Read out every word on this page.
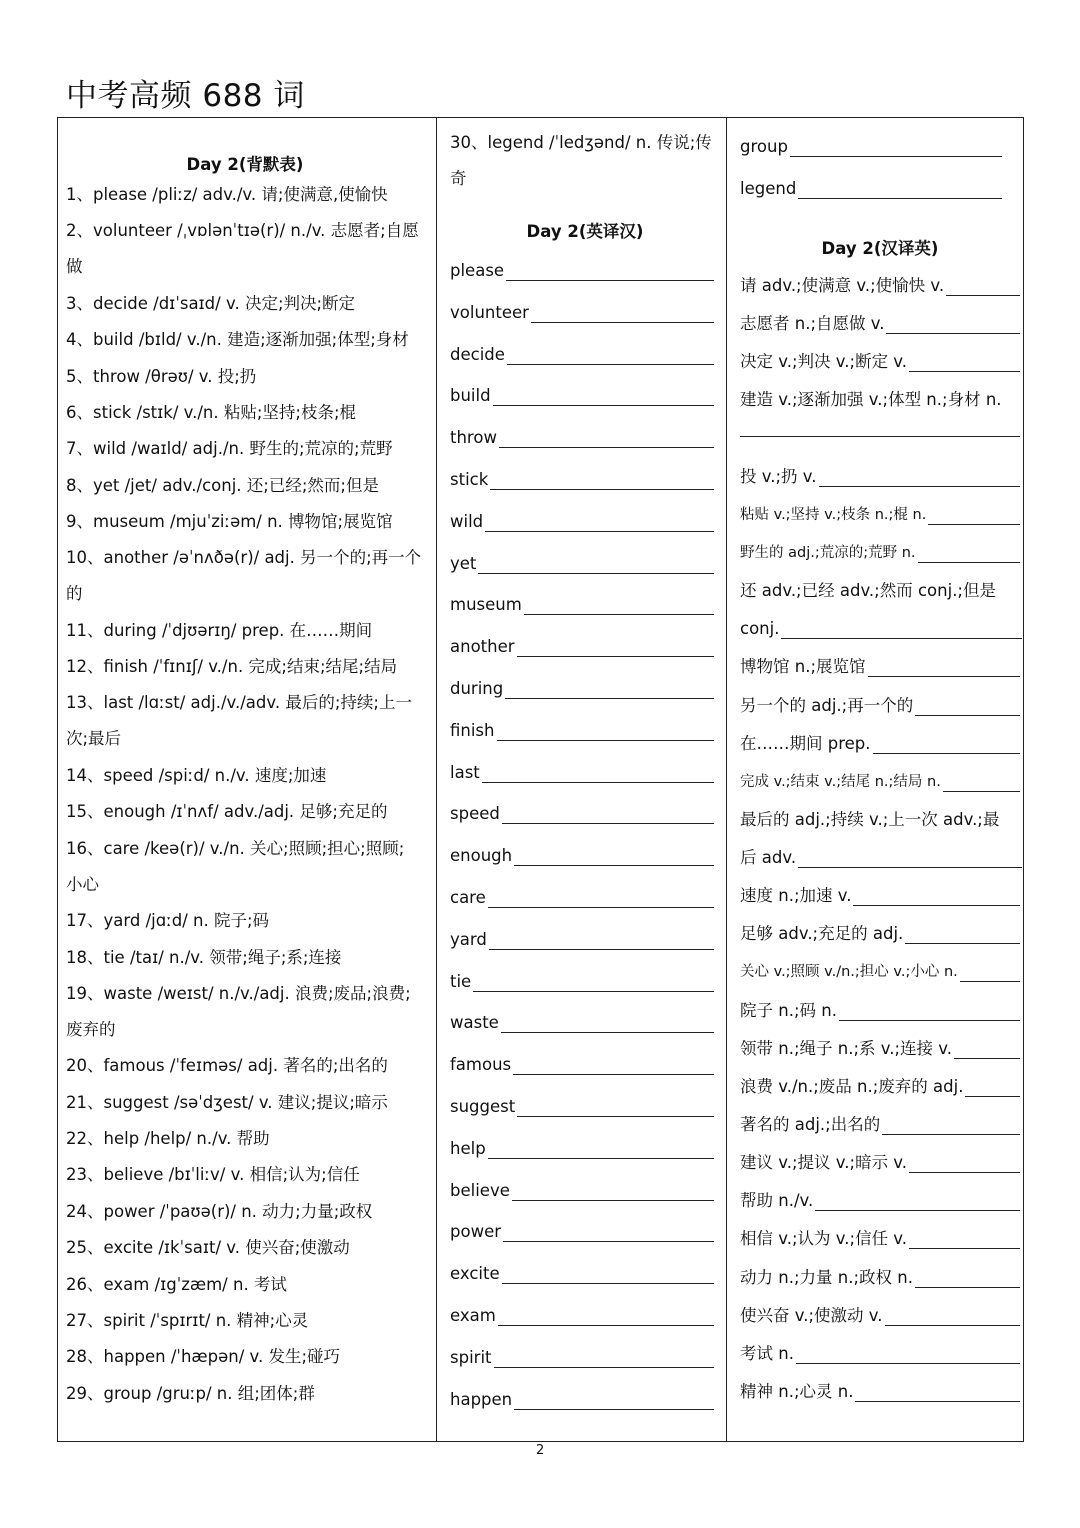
中考高频 688 词
Day 2(背默表)
1、please /pliːz/ adv./v. 请;使满意,使愉快
2、volunteer /ˌvɒlənˈtɪə(r)/ n./v. 志愿者;自愿
做
3、decide /dɪˈsaɪd/ v. 决定;判决;断定
4、build /bɪld/ v./n. 建造;逐渐加强;体型;身材
5、throw /θrəʊ/ v. 投;扔
6、stick /stɪk/ v./n. 粘贴;坚持;枝条;棍
7、wild /waɪld/ adj./n. 野生的;荒凉的;荒野
8、yet /jet/ adv./conj. 还;已经;然而;但是
9、museum /mjuˈziːəm/ n. 博物馆;展览馆
10、another /əˈnʌðə(r)/ adj. 另一个的;再一个
的
11、during /ˈdjʊərɪŋ/ prep. 在……期间
12、finish /ˈfɪnɪʃ/ v./n. 完成;结束;结尾;结局
13、last /lɑːst/ adj./v./adv. 最后的;持续;上一
次;最后
14、speed /spiːd/ n./v. 速度;加速
15、enough /ɪˈnʌf/ adv./adj. 足够;充足的
16、care /keə(r)/ v./n. 关心;照顾;担心;照顾;
小心
17、yard /jɑːd/ n. 院子;码
18、tie /taɪ/ n./v. 领带;绳子;系;连接
19、waste /weɪst/ n./v./adj. 浪费;废品;浪费;
废弃的
20、famous /ˈfeɪməs/ adj. 著名的;出名的
21、suggest /səˈdʒest/ v. 建议;提议;暗示
22、help /help/ n./v. 帮助
23、believe /bɪˈliːv/ v. 相信;认为;信任
24、power /ˈpaʊə(r)/ n. 动力;力量;政权
25、excite /ɪkˈsaɪt/ v. 使兴奋;使激动
26、exam /ɪgˈzæm/ n. 考试
27、spirit /ˈspɪrɪt/ n. 精神;心灵
28、happen /ˈhæpən/ v. 发生;碰巧
29、group /gruːp/ n. 组;团体;群
30、legend /ˈledʒənd/ n. 传说;传
奇
Day 2(英译汉)
please
volunteer
decide
build
throw
stick
wild
yet
museum
another
during
finish
last
speed
enough
care
yard
tie
waste
famous
suggest
help
believe
power
excite
exam
spirit
happen
Day 2(汉译英)
group
legend
请 adv.;使满意 v.;使愉快 v.
志愿者 n.;自愿做 v.
决定 v.;判决 v.;断定 v.
建造 v.;逐渐加强 v.;体型 n.;身材 n.
投 v.;扔 v.
粘贴 v.;坚持 v.;枝条 n.;棍 n.
野生的 adj.;荒凉的;荒野 n.
还 adv.;已经 adv.;然而 conj.;但是
conj.
博物馆 n.;展览馆
另一个的 adj.;再一个的
在……期间 prep.
完成 v.;结束 v.;结尾 n.;结局 n.
最后的 adj.;持续 v.;上一次 adv.;最
后 adv.
速度 n.;加速 v.
足够 adv.;充足的 adj.
关心 v.;照顾 v./n.;担心 v.;小心 n.
院子 n.;码 n.
领带 n.;绳子 n.;系 v.;连接 v.
浪费 v./n.;废品 n.;废弃的 adj.
著名的 adj.;出名的
建议 v.;提议 v.;暗示 v.
帮助 n./v.
相信 v.;认为 v.;信任 v.
动力 n.;力量 n.;政权 n.
使兴奋 v.;使激动 v.
考试 n.
精神 n.;心灵 n.
2
